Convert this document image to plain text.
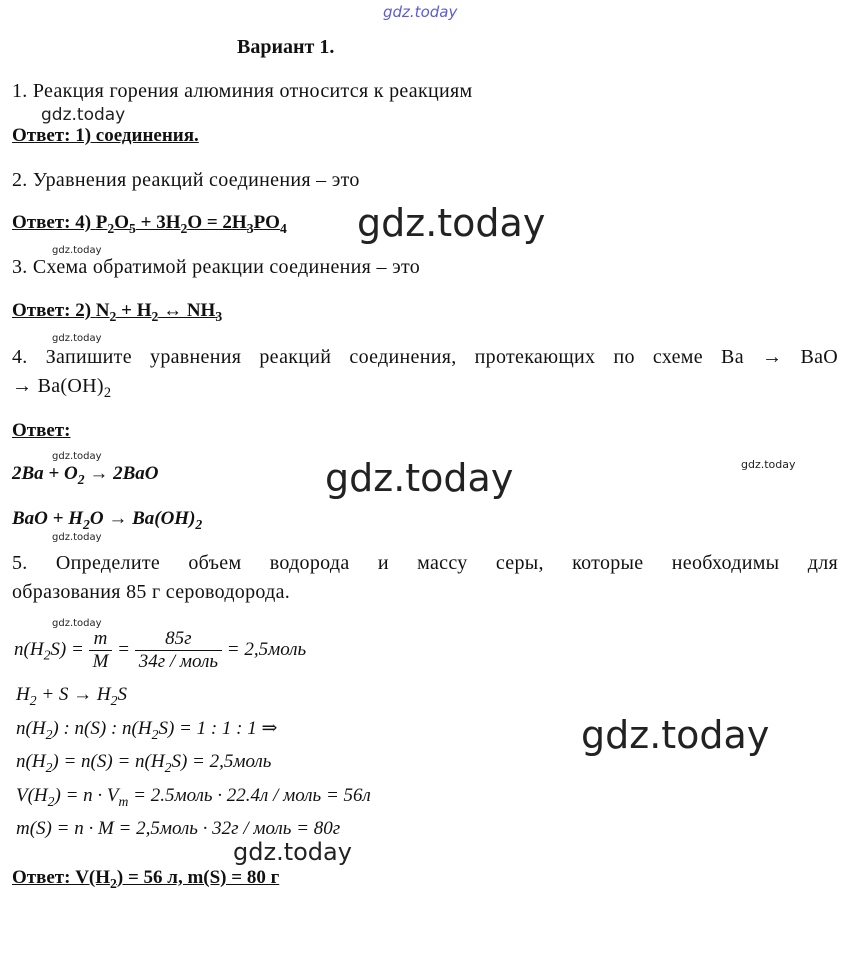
gdz.today
gdz.today
gdz.today
gdz.today
gdz.today
gdz.today	gdz.today	gdz.today
gdz.today
gdz.today
gdz.today
gdz.today
Вариант 1.
1. Реакция горения алюминия относится к реакциям
Ответ: 1) соединения.
2. Уравнения реакций соединения – это
Ответ: 4) $P_2O_5 + 3H_2O = 2H_3PO_4$
3. Схема обратимой реакции соединения – это
Ответ: 2) $N_2 + H_2$ ↔ $NH_3$
4. Запишите уравнения реакций соединения, протекающих по схеме Ba → BaO
→ $Ba(OH)_2$
Ответ:
$2Ba + O_2 \to 2BaO$
BaO + $H_2O \to Ba(OH)_2$
5. Определите объем водорода и массу серы, которые необходимы для
образования 85 г сероводорода.
$n(H_2S) = \frac{m}{M} = \frac{85г}{\text{34г / моль}}$ = 2,5моль
$H_2 + S \to H_2S$
$n(H_2)$ : n(S) : $n(H_2S) = 1$ : 1 : 1 ⇒
$n(H_2) = n(S) = n(H_2S)$ = 2,5моль
$V(H_2) = n \cdot V_m$ = 2.5моль · 22.4л / моль = 56л
m(S) = n · M = 2,5моль · 32г / моль = 80г
Ответ: $V(H_2) = 56$ л, m(S) = 80 г
